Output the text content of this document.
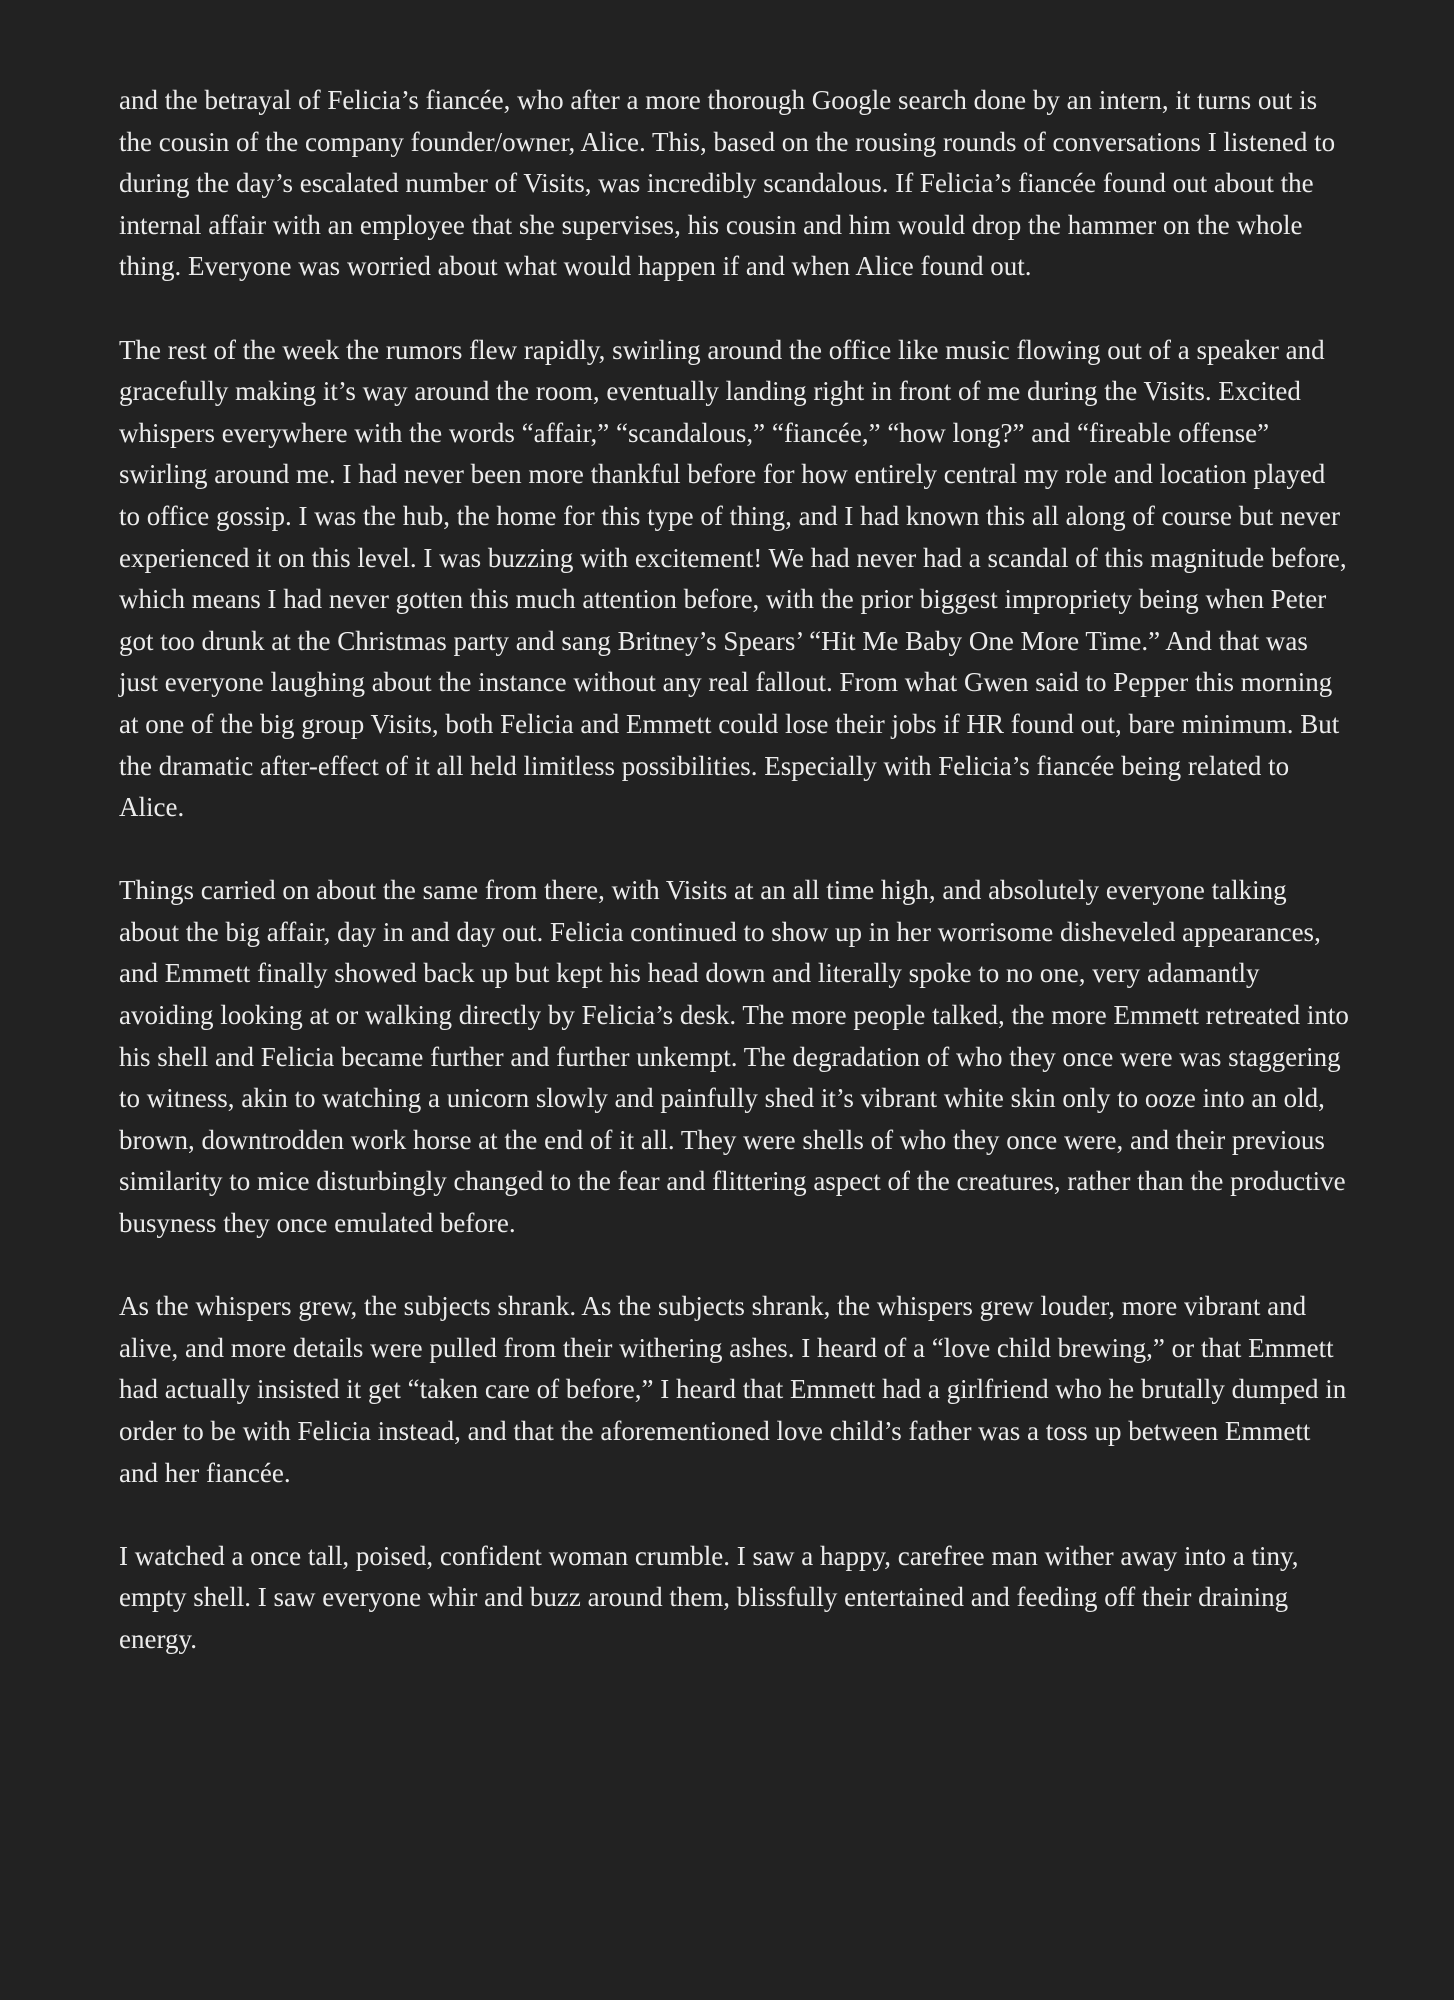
and the betrayal of Felicia’s fiancée, who after a more thorough Google search done by an intern, it turns out is the cousin of the company founder/owner, Alice. This, based on the rousing rounds of conversations I listened to during the day’s escalated number of Visits, was incredibly scandalous. If Felicia’s fiancée found out about the internal affair with an employee that she supervises, his cousin and him would drop the hammer on the whole thing. Everyone was worried about what would happen if and when Alice found out.

The rest of the week the rumors flew rapidly, swirling around the office like music flowing out of a speaker and gracefully making it’s way around the room, eventually landing right in front of me during the Visits. Excited whispers everywhere with the words “affair,” “scandalous,” “fiancée,” “how long?” and “fireable offense” swirling around me. I had never been more thankful before for how entirely central my role and location played to office gossip. I was the hub, the home for this type of thing, and I had known this all along of course but never experienced it on this level. I was buzzing with excitement! We had never had a scandal of this magnitude before, which means I had never gotten this much attention before, with the prior biggest impropriety being when Peter got too drunk at the Christmas party and sang Britney’s Spears’ “Hit Me Baby One More Time.” And that was just everyone laughing about the instance without any real fallout. From what Gwen said to Pepper this morning at one of the big group Visits, both Felicia and Emmett could lose their jobs if HR found out, bare minimum. But the dramatic after-effect of it all held limitless possibilities. Especially with Felicia’s fiancée being related to Alice.

Things carried on about the same from there, with Visits at an all time high, and absolutely everyone talking about the big affair, day in and day out. Felicia continued to show up in her worrisome disheveled appearances, and Emmett finally showed back up but kept his head down and literally spoke to no one, very adamantly avoiding looking at or walking directly by Felicia’s desk. The more people talked, the more Emmett retreated into his shell and Felicia became further and further unkempt. The degradation of who they once were was staggering to witness, akin to watching a unicorn slowly and painfully shed it’s vibrant white skin only to ooze into an old, brown, downtrodden work horse at the end of it all. They were shells of who they once were, and their previous similarity to mice disturbingly changed to the fear and flittering aspect of the creatures, rather than the productive busyness they once emulated before.

As the whispers grew, the subjects shrank. As the subjects shrank, the whispers grew louder, more vibrant and alive, and more details were pulled from their withering ashes. I heard of a “love child brewing,” or that Emmett had actually insisted it get “taken care of before,” I heard that Emmett had a girlfriend who he brutally dumped in order to be with Felicia instead, and that the aforementioned love child’s father was a toss up between Emmett and her fiancée.

I watched a once tall, poised, confident woman crumble. I saw a happy, carefree man wither away into a tiny, empty shell. I saw everyone whir and buzz around them, blissfully entertained and feeding off their draining energy.
